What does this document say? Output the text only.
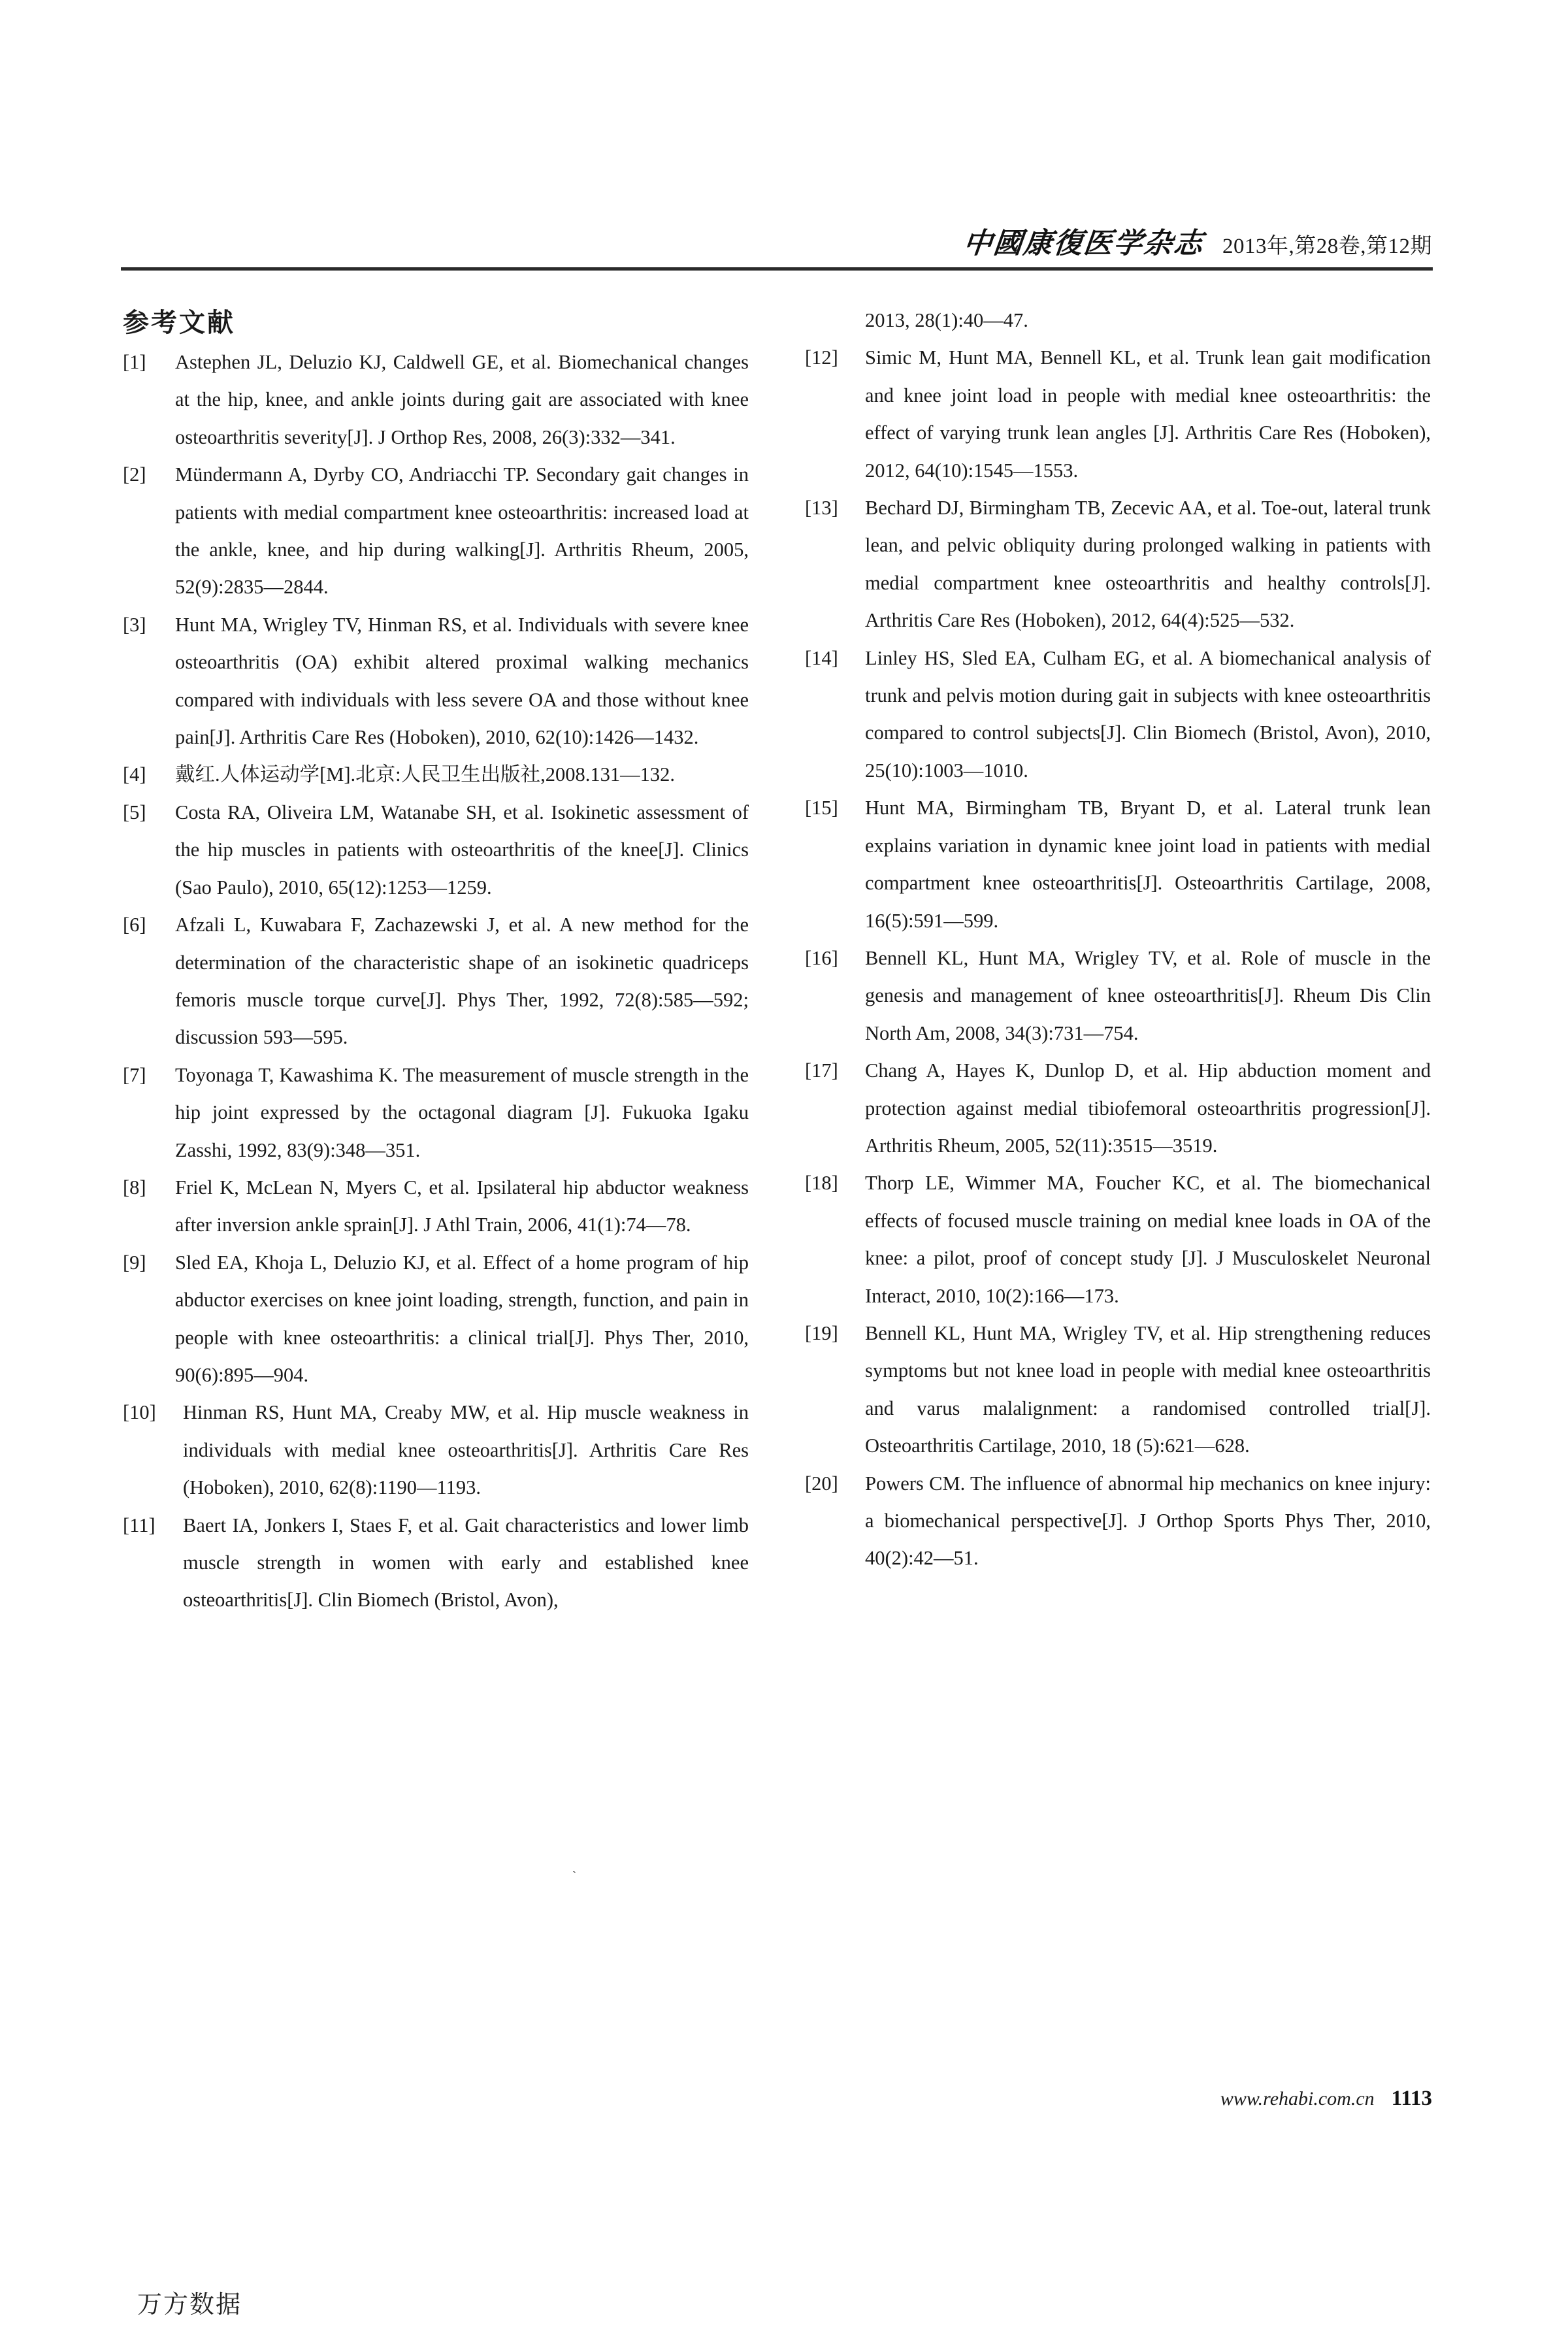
中國康復医学杂志 2013年,第28卷,第12期
参考文献
[1]	Astephen JL, Deluzio KJ, Caldwell GE, et al. Biomechanical changes at the hip, knee, and ankle joints during gait are associated with knee osteoarthritis severity[J]. J Orthop Res, 2008, 26(3):332—341.
[2]	Mündermann A, Dyrby CO, Andriacchi TP. Secondary gait changes in patients with medial compartment knee osteoarthritis: increased load at the ankle, knee, and hip during walking[J]. Arthritis Rheum, 2005, 52(9):2835—2844.
[3]	Hunt MA, Wrigley TV, Hinman RS, et al. Individuals with severe knee osteoarthritis (OA) exhibit altered proximal walking mechanics compared with individuals with less severe OA and those without knee pain[J]. Arthritis Care Res (Hoboken), 2010, 62(10):1426—1432.
[4]	戴红.人体运动学[M].北京:人民卫生出版社,2008.131—132.
[5]	Costa RA, Oliveira LM, Watanabe SH, et al. Isokinetic assessment of the hip muscles in patients with osteoarthritis of the knee[J]. Clinics (Sao Paulo), 2010, 65(12):1253—1259.
[6]	Afzali L, Kuwabara F, Zachazewski J, et al. A new method for the determination of the characteristic shape of an isokinetic quadriceps femoris muscle torque curve[J]. Phys Ther, 1992, 72(8):585—592; discussion 593—595.
[7]	Toyonaga T, Kawashima K. The measurement of muscle strength in the hip joint expressed by the octagonal diagram [J]. Fukuoka Igaku Zasshi, 1992, 83(9):348—351.
[8]	Friel K, McLean N, Myers C, et al. Ipsilateral hip abductor weakness after inversion ankle sprain[J]. J Athl Train, 2006, 41(1):74—78.
[9]	Sled EA, Khoja L, Deluzio KJ, et al. Effect of a home program of hip abductor exercises on knee joint loading, strength, function, and pain in people with knee osteoarthritis: a clinical trial[J]. Phys Ther, 2010, 90(6):895—904.
[10]	Hinman RS, Hunt MA, Creaby MW, et al. Hip muscle weakness in individuals with medial knee osteoarthritis[J]. Arthritis Care Res (Hoboken), 2010, 62(8):1190—1193.
[11]	Baert IA, Jonkers I, Staes F, et al. Gait characteristics and lower limb muscle strength in women with early and established knee osteoarthritis[J]. Clin Biomech (Bristol, Avon),
2013, 28(1):40—47.
[12]	Simic M, Hunt MA, Bennell KL, et al. Trunk lean gait modification and knee joint load in people with medial knee osteoarthritis: the effect of varying trunk lean angles [J]. Arthritis Care Res (Hoboken), 2012, 64(10):1545—1553.
[13]	Bechard DJ, Birmingham TB, Zecevic AA, et al. Toe-out, lateral trunk lean, and pelvic obliquity during prolonged walking in patients with medial compartment knee osteoarthritis and healthy controls[J]. Arthritis Care Res (Hoboken), 2012, 64(4):525—532.
[14]	Linley HS, Sled EA, Culham EG, et al. A biomechanical analysis of trunk and pelvis motion during gait in subjects with knee osteoarthritis compared to control subjects[J]. Clin Biomech (Bristol, Avon), 2010, 25(10):1003—1010.
[15]	Hunt MA, Birmingham TB, Bryant D, et al. Lateral trunk lean explains variation in dynamic knee joint load in patients with medial compartment knee osteoarthritis[J]. Osteoarthritis Cartilage, 2008, 16(5):591—599.
[16]	Bennell KL, Hunt MA, Wrigley TV, et al. Role of muscle in the genesis and management of knee osteoarthritis[J]. Rheum Dis Clin North Am, 2008, 34(3):731—754.
[17]	Chang A, Hayes K, Dunlop D, et al. Hip abduction moment and protection against medial tibiofemoral osteoarthritis progression[J]. Arthritis Rheum, 2005, 52(11):3515—3519.
[18]	Thorp LE, Wimmer MA, Foucher KC, et al. The biomechanical effects of focused muscle training on medial knee loads in OA of the knee: a pilot, proof of concept study [J]. J Musculoskelet Neuronal Interact, 2010, 10(2):166—173.
[19]	Bennell KL, Hunt MA, Wrigley TV, et al. Hip strengthening reduces symptoms but not knee load in people with medial knee osteoarthritis and varus malalignment: a randomised controlled trial[J]. Osteoarthritis Cartilage, 2010, 18 (5):621—628.
[20]	Powers CM. The influence of abnormal hip mechanics on knee injury: a biomechanical perspective[J]. J Orthop Sports Phys Ther, 2010, 40(2):42—51.
ˎ
www.rehabi.com.cn 1113
万方数据
